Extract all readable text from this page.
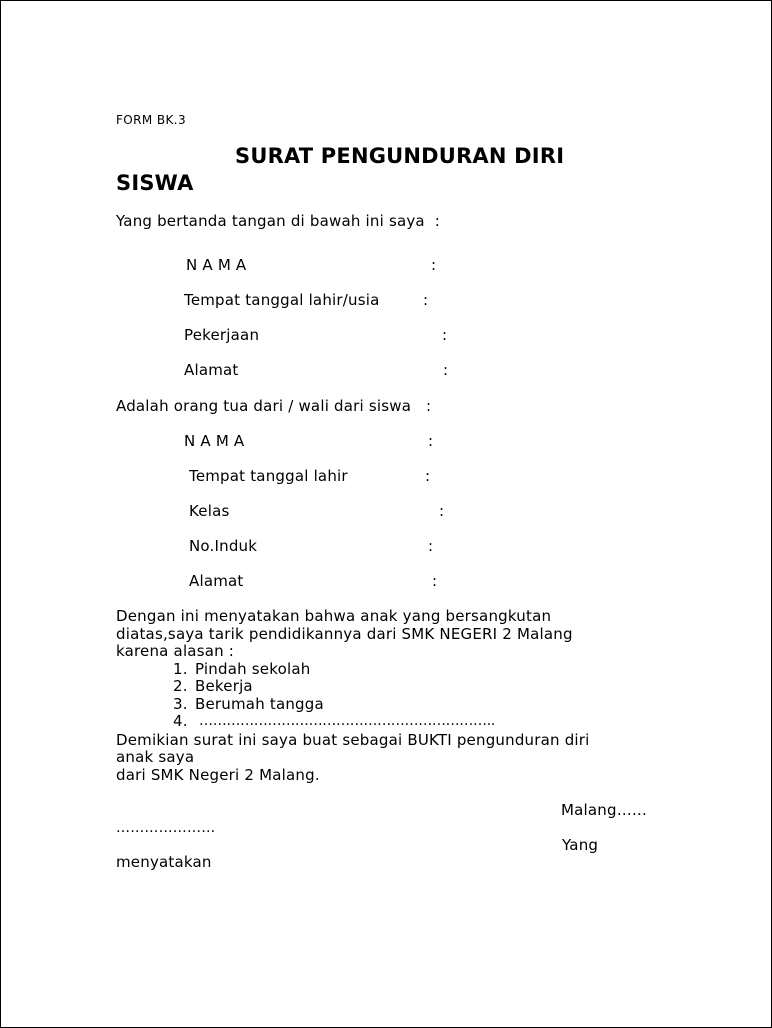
FORM BK.3
SURAT PENGUNDURAN DIRI
SISWA
Yang bertanda tangan di bawah ini saya  :
N A M A	:
Tempat tanggal lahir/usia	:
Pekerjaan	:
Alamat	:
Adalah orang tua dari / wali dari siswa   :
N A M A	:
Tempat tanggal lahir	:
Kelas	:
No.Induk	:
Alamat	:
Dengan ini menyatakan bahwa anak yang bersangkutan
diatas,saya tarik pendidikannya dari SMK NEGERI 2 Malang
karena alasan :
1. Pindah sekolah
2. Bekerja
3. Berumah tangga
4. ………………………………………………………..
Demikian surat ini saya buat sebagai BUKTI pengunduran diri
anak saya
dari SMK Negeri 2 Malang.
Malang……
…………………
Yang
menyatakan
